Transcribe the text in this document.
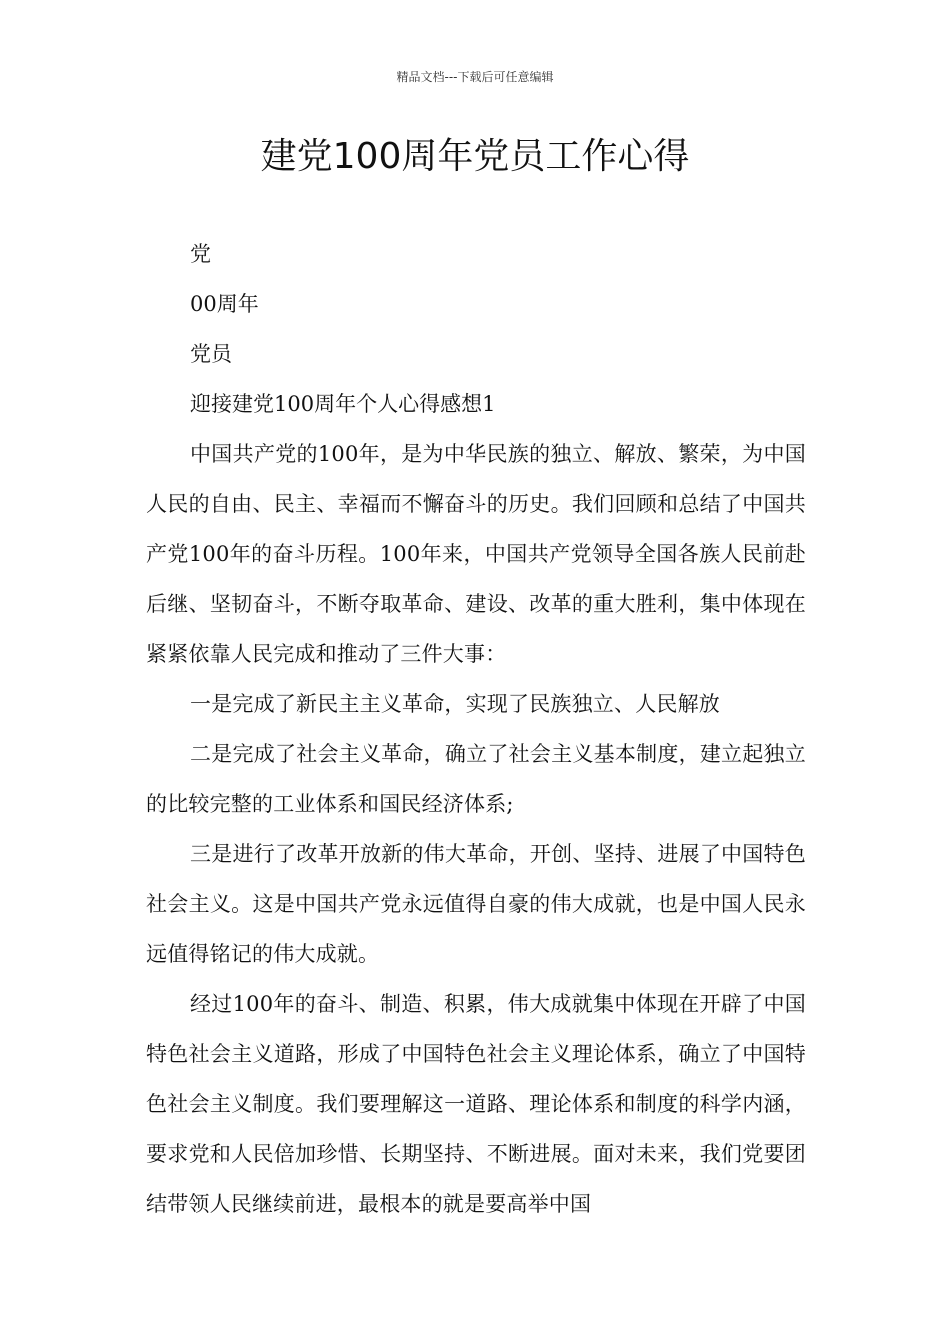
精品文档---下载后可任意编辑
建党100周年党员工作心得

党

00周年

党员

迎接建党100周年个人心得感想1

中国共产党的100年，是为中华民族的独立、解放、繁荣，为中国人民的自由、民主、幸福而不懈奋斗的历史。我们回顾和总结了中国共产党100年的奋斗历程。100年来，中国共产党领导全国各族人民前赴后继、坚韧奋斗，不断夺取革命、建设、改革的重大胜利，集中体现在紧紧依靠人民完成和推动了三件大事：

一是完成了新民主主义革命，实现了民族独立、人民解放

二是完成了社会主义革命，确立了社会主义基本制度，建立起独立的比较完整的工业体系和国民经济体系;

三是进行了改革开放新的伟大革命，开创、坚持、进展了中国特色社会主义。这是中国共产党永远值得自豪的伟大成就，也是中国人民永远值得铭记的伟大成就。

经过100年的奋斗、制造、积累，伟大成就集中体现在开辟了中国特色社会主义道路，形成了中国特色社会主义理论体系，确立了中国特色社会主义制度。我们要理解这一道路、理论体系和制度的科学内涵，要求党和人民倍加珍惜、长期坚持、不断进展。面对未来，我们党要团结带领人民继续前进，最根本的就是要高举中国
